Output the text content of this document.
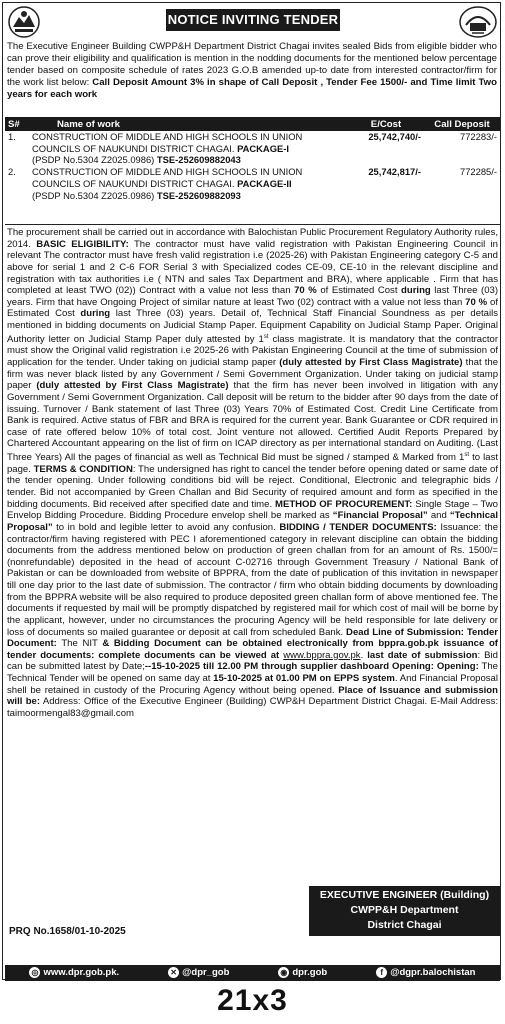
NOTICE INVITING TENDER
The Executive Engineer Building CWPP&H Department District Chagai invites sealed Bids from eligible bidder who can prove their eligibility and qualification is mention in the nodding documents for the mentioned below percentage tender based on composite schedule of rates 2023 G.O.B amended up-to date from interested contractor/firm for the work list below: Call Deposit Amount 3% in shape of Call Deposit , Tender Fee 1500/- and Time limit Two years for each work
S#	Name of work	E/Cost	Call Deposit
1.	CONSTRUCTION OF MIDDLE AND HIGH SCHOOLS IN UNION
COUNCILS OF NAUKUNDI DISTRICT CHAGAI. PACKAGE-I
(PSDP No.5304 Z2025.0986) TSE-252609882043	25,742,740/-	772283/-
2.	CONSTRUCTION OF MIDDLE AND HIGH SCHOOLS IN UNION
COUNCILS OF NAUKUNDI DISTRICT CHAGAI. PACKAGE-II
(PSDP No.5304 Z2025.0986) TSE-252609882093	25,742,817/-	772285/-
The procurement shall be carried out in accordance with Balochistan Public Procurement Regulatory Authority rules, 2014. BASIC ELIGIBILITY: The contractor must have valid registration with Pakistan Engineering Council in relevant The contractor must have fresh valid registration i.e (2025-26) with Pakistan Engineering category C-5 and above for serial 1 and 2 C-6 FOR Serial 3 with Specialized codes CE-09, CE-10 in the relevant discipline and registration with tax authorities i.e ( NTN and sales Tax Department and BRA), where applicable . Firm that has completed at least TWO (02)) Contract with a value not less than 70 % of Estimated Cost during last Three (03) years. Firm that have Ongoing Project of similar nature at least Two (02) contract with a value not less than 70 % of Estimated Cost during last Three (03) years. Detail of, Technical Staff Financial Soundness as per details mentioned in bidding documents on Judicial Stamp Paper. Equipment Capability on Judicial Stamp Paper. Original Authority letter on Judicial Stamp Paper duly attested by 1st class magistrate. It is mandatory that the contractor must show the Original valid registration i.e 2025-26 with Pakistan Engineering Council at the time of submission of application for the tender. Under taking on judicial stamp paper (duly attested by First Class Magistrate) that the firm was never black listed by any Government / Semi Government Organization. Under taking on judicial stamp paper (duly attested by First Class Magistrate) that the firm has never been involved in litigation with any Government / Semi Government Organization. Call deposit will be return to the bidder after 90 days from the date of issuing. Turnover / Bank statement of last Three (03) Years 70% of Estimated Cost. Credit Line Certificate from Bank is required. Active status of FBR and BRA is required for the current year. Bank Guarantee or CDR required in case of rate offered below 10% of total cost. Joint venture not allowed. Certified Audit Reports Prepared by Chartered Accountant appearing on the list of firm on ICAP directory as per international standard on Auditing. (Last Three Years) All the pages of financial as well as Technical Bid must be signed / stamped & Marked from 1st to last page. TERMS & CONDITION: The undersigned has right to cancel the tender before opening dated or same date of the tender opening. Under following conditions bid will be reject. Conditional, Electronic and telegraphic bids / tender. Bid not accompanied by Green Challan and Bid Security of required amount and form as specified in the bidding documents. Bid received after specified date and time. METHOD OF PROCUREMENT: Single Stage – Two Envelop Bidding Procedure. Bidding Procedure envelop shell be marked as “Financial Proposal” and “Technical Proposal” to in bold and legible letter to avoid any confusion. BIDDING / TENDER DOCUMENTS: Issuance: the contractor/firm having registered with PEC I aforementioned category in relevant discipline can obtain the bidding documents from the address mentioned below on production of green challan from for an amount of Rs. 1500/= (nonrefundable) deposited in the head of account C-02716 through Government Treasury / National Bank of Pakistan or can be downloaded from website of BPPRA, from the date of publication of this invitation in newspaper till one day prior to the last date of submission. The contractor / firm who obtain bidding documents by downloading from the BPPRA website will be also required to produce deposited green challan form of above mentioned fee. The documents if requested by mail will be promptly dispatched by registered mail for which cost of mail will be borne by the applicant, however, under no circumstances the procuring Agency will be held responsible for late delivery or loss of documents so mailed guarantee or deposit at call from scheduled Bank. Dead Line of Submission: Tender Document: The NIT & Bidding Document can be obtained electronically from bppra.gob.pk issuance of tender documents: complete documents can be viewed at www.bppra.gov.pk. last date of submission: Bid can be submitted latest by Date;--15-10-2025 till 12.00 PM through supplier dashboard Opening: Opening: The Technical Tender will be opened on same day at 15-10-2025 at 01.00 PM on EPPS system. And Financial Proposal shell be retained in custody of the Procuring Agency without being opened. Place of Issuance and submission will be: Address: Office of the Executive Engineer (Building) CWP&H Department District Chagai. E-Mail Address: taimoormengal83@gmail.com
EXECUTIVE ENGINEER (Building)
CWPP&H Department
District Chagai
PRQ No.1658/01-10-2025
◎ www.dpr.gob.pk.	✕ @dpr_gob	◉ dpr.gob	f @dgpr.balochistan
21x3
